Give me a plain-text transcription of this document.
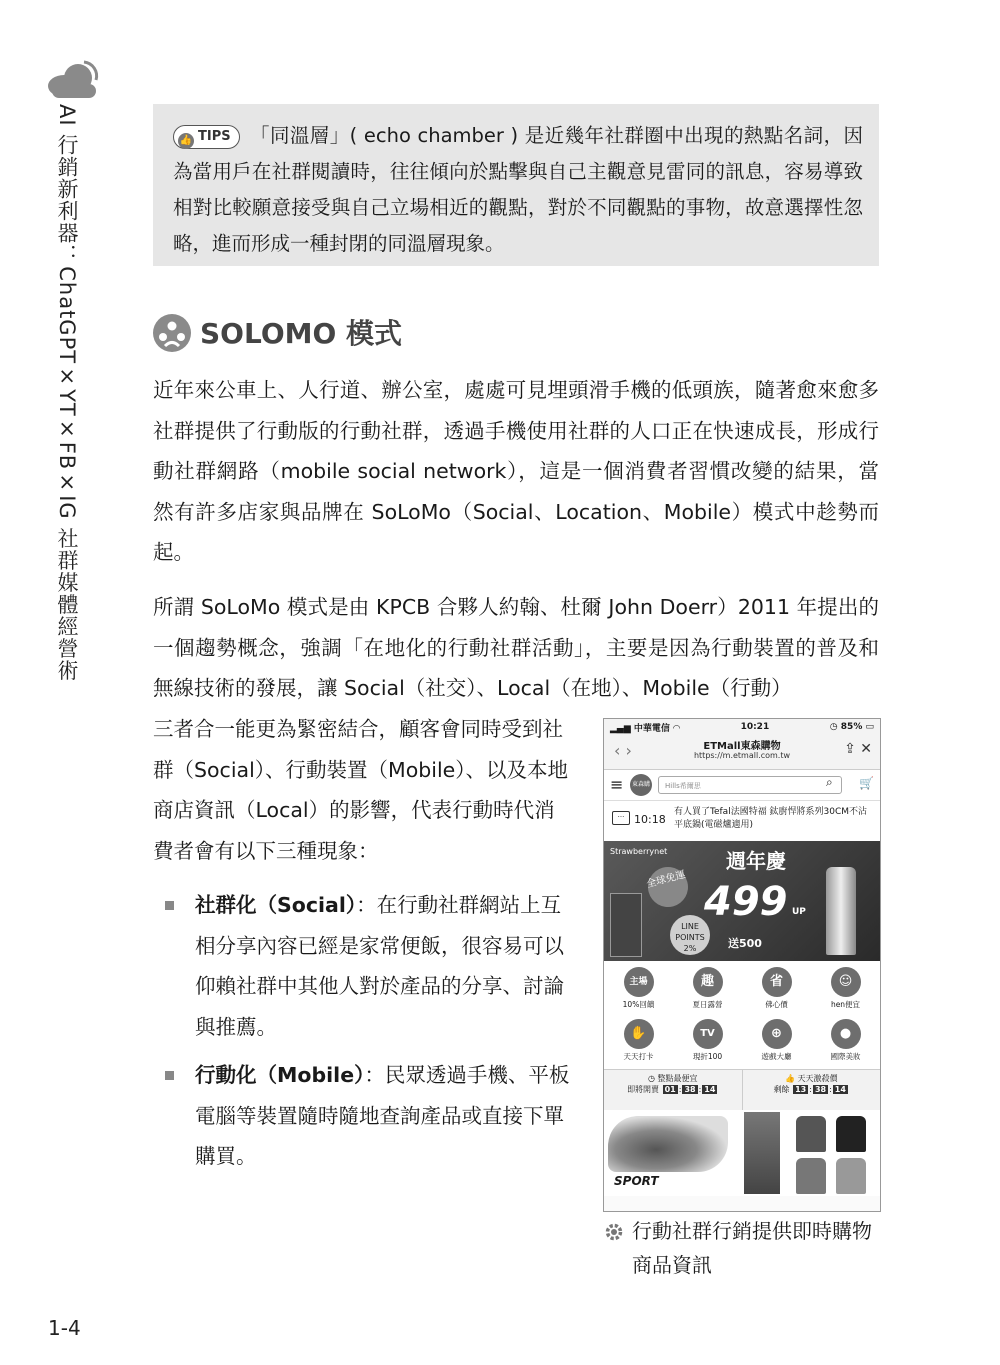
AI 行銷新利器：ChatGPT×YT×FB×IG 社群媒體經營術	👍 TIPS 「同溫層」( echo chamber ) 是近幾年社群圈中出現的熱點名詞，因為當用戶在社群閱讀時，往往傾向於點擊與自己主觀意見雷同的訊息，容易導致相對比較願意接受與自己立場相近的觀點，對於不同觀點的事物，故意選擇性忽略，進而形成一種封閉的同溫層現象。
SOLOMO 模式
近年來公車上、人行道、辦公室，處處可見埋頭滑手機的低頭族，隨著愈來愈多社群提供了行動版的行動社群，透過手機使用社群的人口正在快速成長，形成行動社群網路（mobile social network），這是一個消費者習慣改變的結果，當然有許多店家與品牌在 SoLoMo（Social、Location、Mobile）模式中趁勢而起。
所謂 SoLoMo 模式是由 KPCB 合夥人約翰、杜爾 John Doerr）2011 年提出的一個趨勢概念，強調「在地化的行動社群活動」，主要是因為行動裝置的普及和無線技術的發展，讓 Social（社交）、Local（在地）、Mobile（行動）
三者合一能更為緊密結合，顧客會同時受到社群（Social）、行動裝置（Mobile）、以及本地商店資訊（Local）的影響，代表行動時代消費者會有以下三種現象：
社群化（Social）：在行動社群網站上互相分享內容已經是家常便飯，很容易可以仰賴社群中其他人對於產品的分享、討論與推薦。
行動化（Mobile）：民眾透過手機、平板電腦等裝置隨時隨地查詢產品或直接下單購買。
▂▄▆ 中華電信 ◠	10:21	◷ 85% ▭
‹ ›	ETMall東森購物
https://m.etmall.com.tw	⇪ ✕
≡	東森購	Hills希爾思	⌕ 🛒
··· 10:18
有人買了Tefal法國特福 鈦廚悍將系列30CM不沾平底鍋(電磁爐適用)
Strawberrynet
全球免運
週年慶
499 UP
LINE POINTS 2%	送500
主場
10%回饋
趣
夏日露營
省
佛心價
☺
hen便宜
✋
天天打卡
TV
現折100
⊕
遊戲大廳
●
國際美妝
◷ 整點最便宜
即將開賣 01 : 38 : 14
👍 天天激殺價
剩餘 13 : 38 : 14
SPORT
行動社群行銷提供即時購物商品資訊
1-4
